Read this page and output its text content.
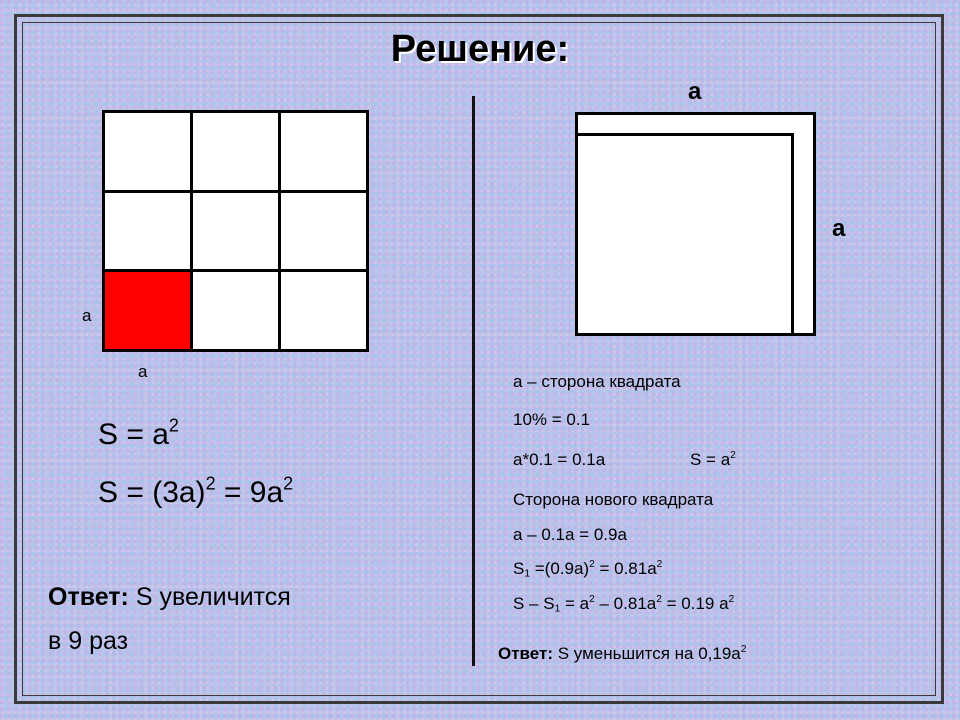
Решение:
a
a
$S = a^2$
$S = (3a)^2 = 9a^2$
Ответ: S увеличится
в 9 раз
a
a
a – сторона квадрата
10% = 0.1
a*0.1 = 0.1a	$S = a^2$
Сторона нового квадрата
a – 0.1a = 0.9a
$S_1 =(0.9a)^2 = 0.81a^2$
$S - S_1 = a^2 - 0.81a^2 = 0.19$ $a^2$
Ответ: S уменьшится на $0,19a^2$
